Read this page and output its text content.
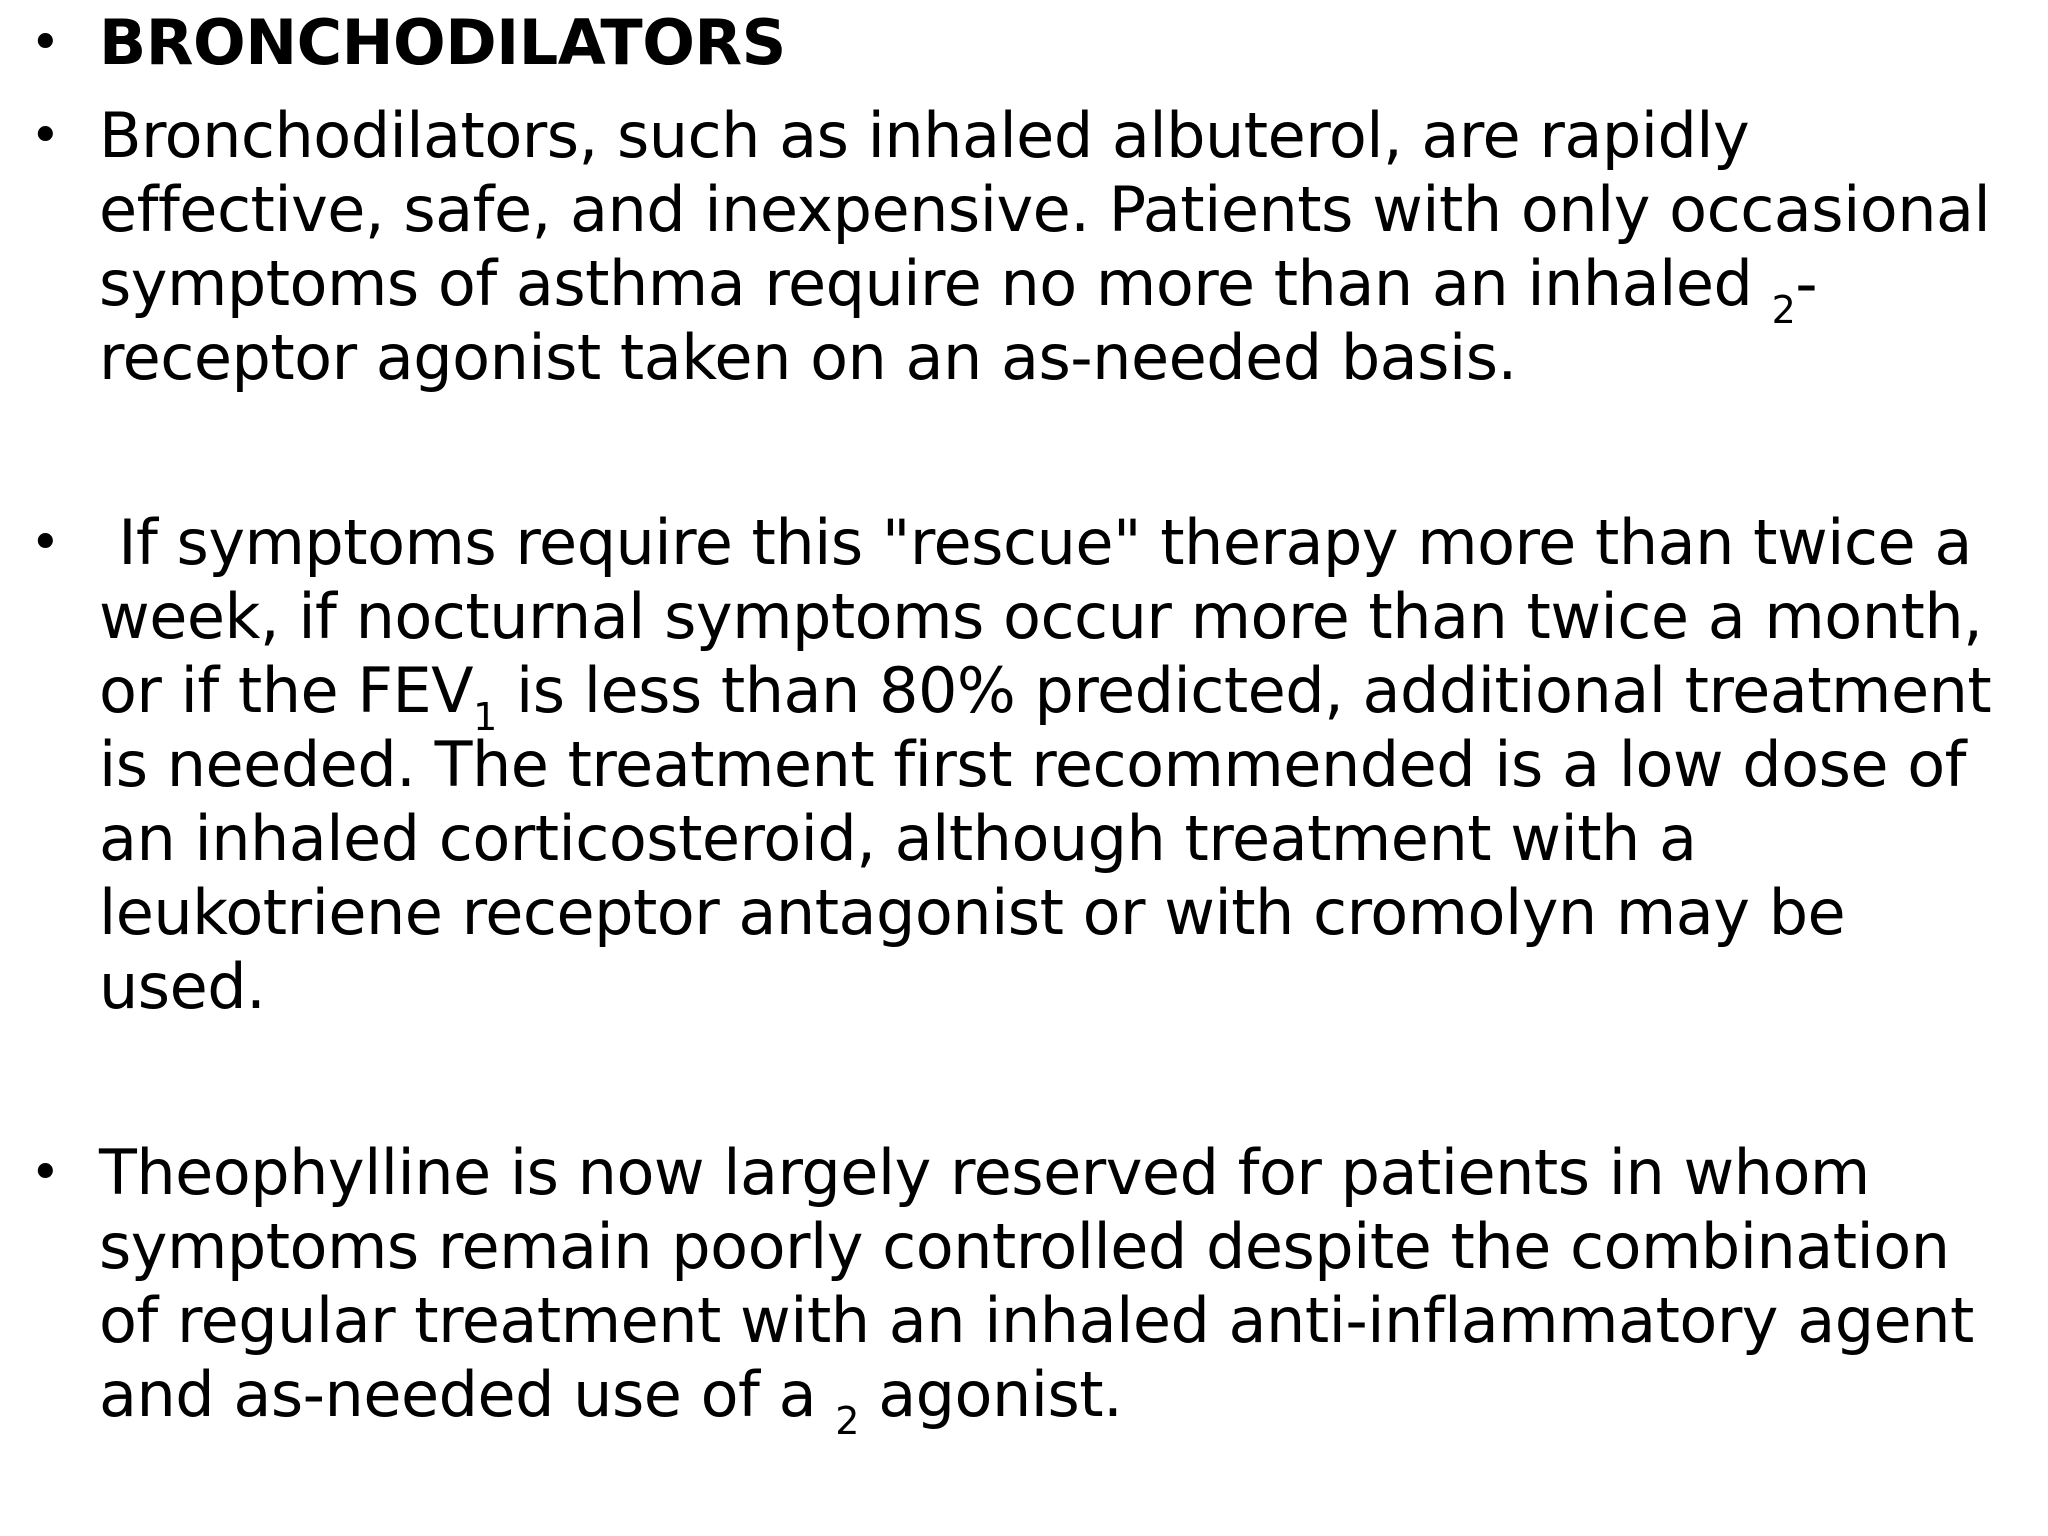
• BRONCHODILATORS
• Bronchodilators, such as inhaled albuterol, are rapidly
effective, safe, and inexpensive. Patients with only occasional
symptoms of asthma require no more than an inhaled $_2$-
receptor agonist taken on an as-needed basis.
• If symptoms require this "rescue" therapy more than twice a
week, if nocturnal symptoms occur more than twice a month,
or if the $FEV_1$ is less than 80% predicted, additional treatment
is needed. The treatment first recommended is a low dose of
an inhaled corticosteroid, although treatment with a
leukotriene receptor antagonist or with cromolyn may be
used.
• Theophylline is now largely reserved for patients in whom
symptoms remain poorly controlled despite the combination
of regular treatment with an inhaled anti-inflammatory agent
and as-needed use of a $_2$ agonist.
